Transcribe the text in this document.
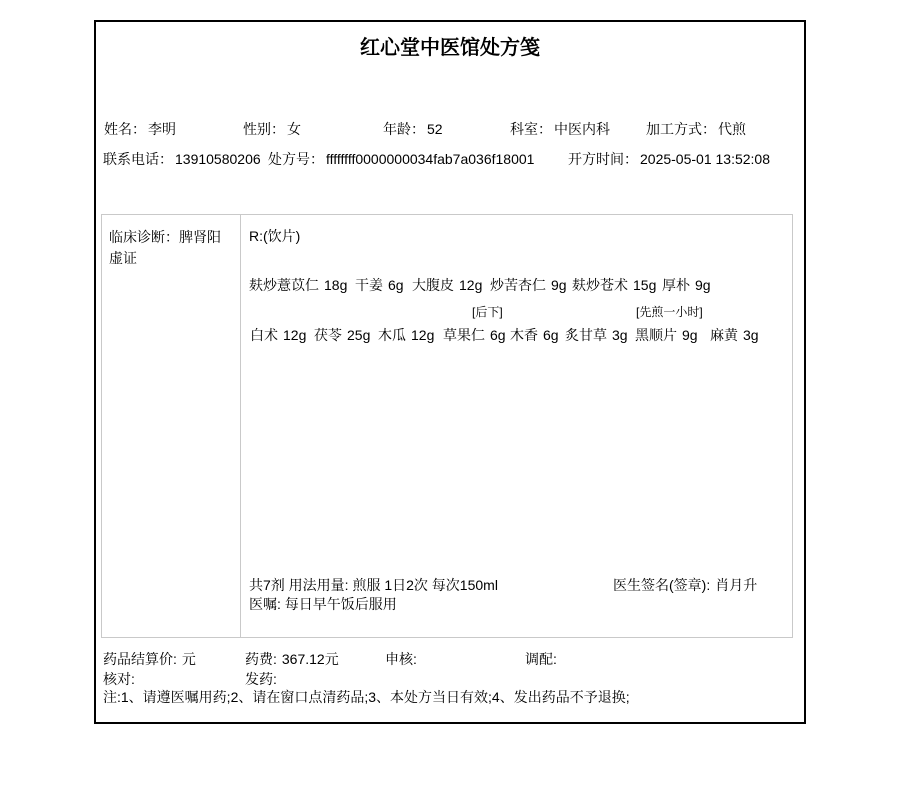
红心堂中医馆处方笺
姓名： 李明	性别： 女	年龄： 52	科室： 中医内科	加工方式： 代煎
联系电话： 13910580206 处方号： ffffffff0000000034fab7a036f18001 开方时间： 2025-05-01 13:52:08
临床诊断：脾肾阳虚证
R:(饮片)
麸炒薏苡仁 18g 干姜 6g 大腹皮 12g 炒苦杏仁 9g 麸炒苍术 15g 厚朴 9g
[后下]	[先煎一小时]
白术 12g 茯苓 25g 木瓜 12g 草果仁 6g 木香 6g 炙甘草 3g 黑顺片 9g 麻黄 3g
共7剂 用法用量: 煎服 1日2次 每次150ml
医嘱: 每日早午饭后服用
医生签名(签章): 肖月升
药品结算价: 元	药费: 367.12元	申核:	调配:
核对:	发药:
注:1、请遵医嘱用药;2、请在窗口点清药品;3、本处方当日有效;4、发出药品不予退换;
